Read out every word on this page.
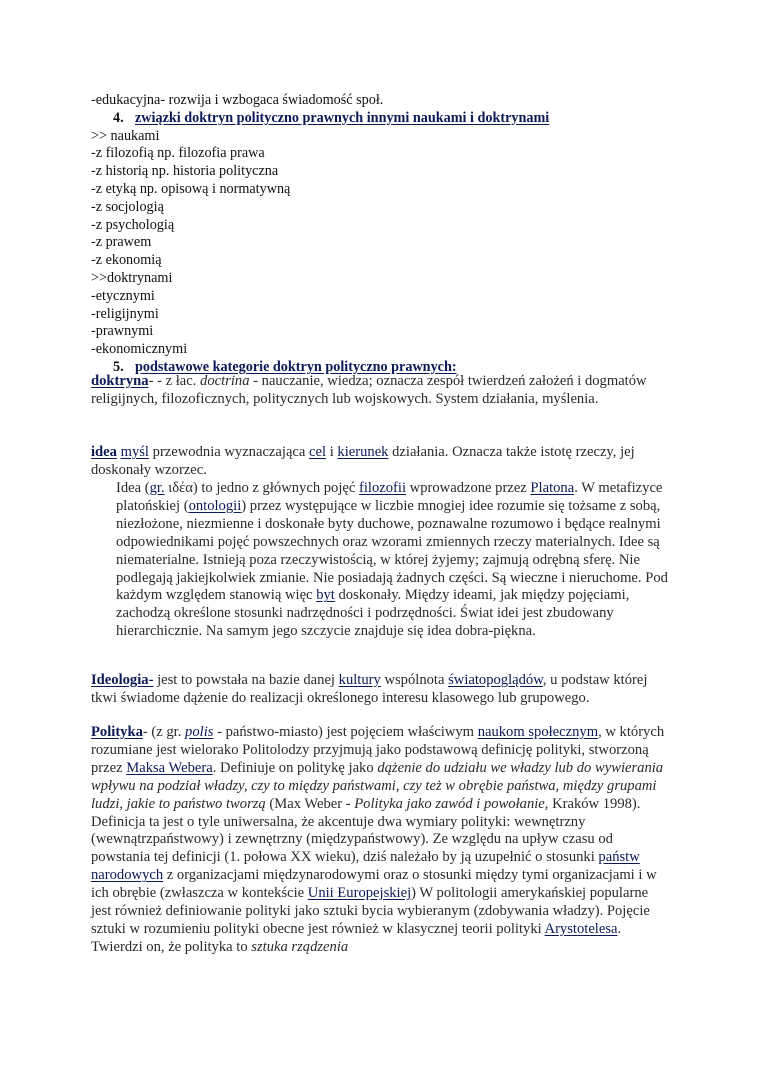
-edukacyjna- rozwija i wzbogaca świadomość społ.
4. związki doktryn polityczno prawnych innymi naukami i doktrynami
>> naukami
-z filozofią np. filozofia prawa
-z historią np. historia polityczna
-z etyką np. opisową i normatywną
-z socjologią
-z psychologią
-z prawem
-z ekonomią
>>doktrynami
-etycznymi
-religijnymi
-prawnymi
-ekonomicznymi
5. podstawowe kategorie doktryn polityczno prawnych:
doktryna- - z łac. doctrina - nauczanie, wiedza; oznacza zespół twierdzeń założeń i dogmatów religijnych, filozoficznych, politycznych lub wojskowych. System działania, myślenia.
idea myśl przewodnia wyznaczająca cel i kierunek działania. Oznacza także istotę rzeczy, jej doskonały wzorzec.
Idea (gr. ιδέα) to jedno z głównych pojęć filozofii wprowadzone przez Platona. W metafizyce platońskiej (ontologii) przez występujące w liczbie mnogiej idee rozumie się tożsame z sobą, niezłożone, niezmienne i doskonałe byty duchowe, poznawalne rozumowo i będące realnymi odpowiednikami pojęć powszechnych oraz wzorami zmiennych rzeczy materialnych. Idee są niematerialne. Istnieją poza rzeczywistością, w której żyjemy; zajmują odrębną sferę. Nie podlegają jakiejkolwiek zmianie. Nie posiadają żadnych części. Są wieczne i nieruchome. Pod każdym względem stanowią więc byt doskonały. Między ideami, jak między pojęciami, zachodzą określone stosunki nadrzędności i podrzędności. Świat idei jest zbudowany hierarchicznie. Na samym jego szczycie znajduje się idea dobra-piękna.
Ideologia- jest to powstała na bazie danej kultury wspólnota światopoglądów, u podstaw której tkwi świadome dążenie do realizacji określonego interesu klasowego lub grupowego.
Polityka- (z gr. polis - państwo-miasto) jest pojęciem właściwym naukom społecznym, w których rozumiane jest wielorako Politolodzy przyjmują jako podstawową definicję polityki, stworzoną przez Maksa Webera. Definiuje on politykę jako dążenie do udziału we władzy lub do wywierania wpływu na podział władzy, czy to między państwami, czy też w obrębie państwa, między grupami ludzi, jakie to państwo tworzą (Max Weber - Polityka jako zawód i powołanie, Kraków 1998). Definicja ta jest o tyle uniwersalna, że akcentuje dwa wymiary polityki: wewnętrzny (wewnątrzpaństwowy) i zewnętrzny (międzypaństwowy). Ze względu na upływ czasu od powstania tej definicji (1. połowa XX wieku), dziś należało by ją uzupełnić o stosunki państw narodowych z organizacjami międzynarodowymi oraz o stosunki między tymi organizacjami i w ich obrębie (zwłaszcza w kontekście Unii Europejskiej) W politologii amerykańskiej popularne jest również definiowanie polityki jako sztuki bycia wybieranym (zdobywania władzy). Pojęcie sztuki w rozumieniu polityki obecne jest również w klasycznej teorii polityki Arystotelesa. Twierdzi on, że polityka to sztuka rządzenia
